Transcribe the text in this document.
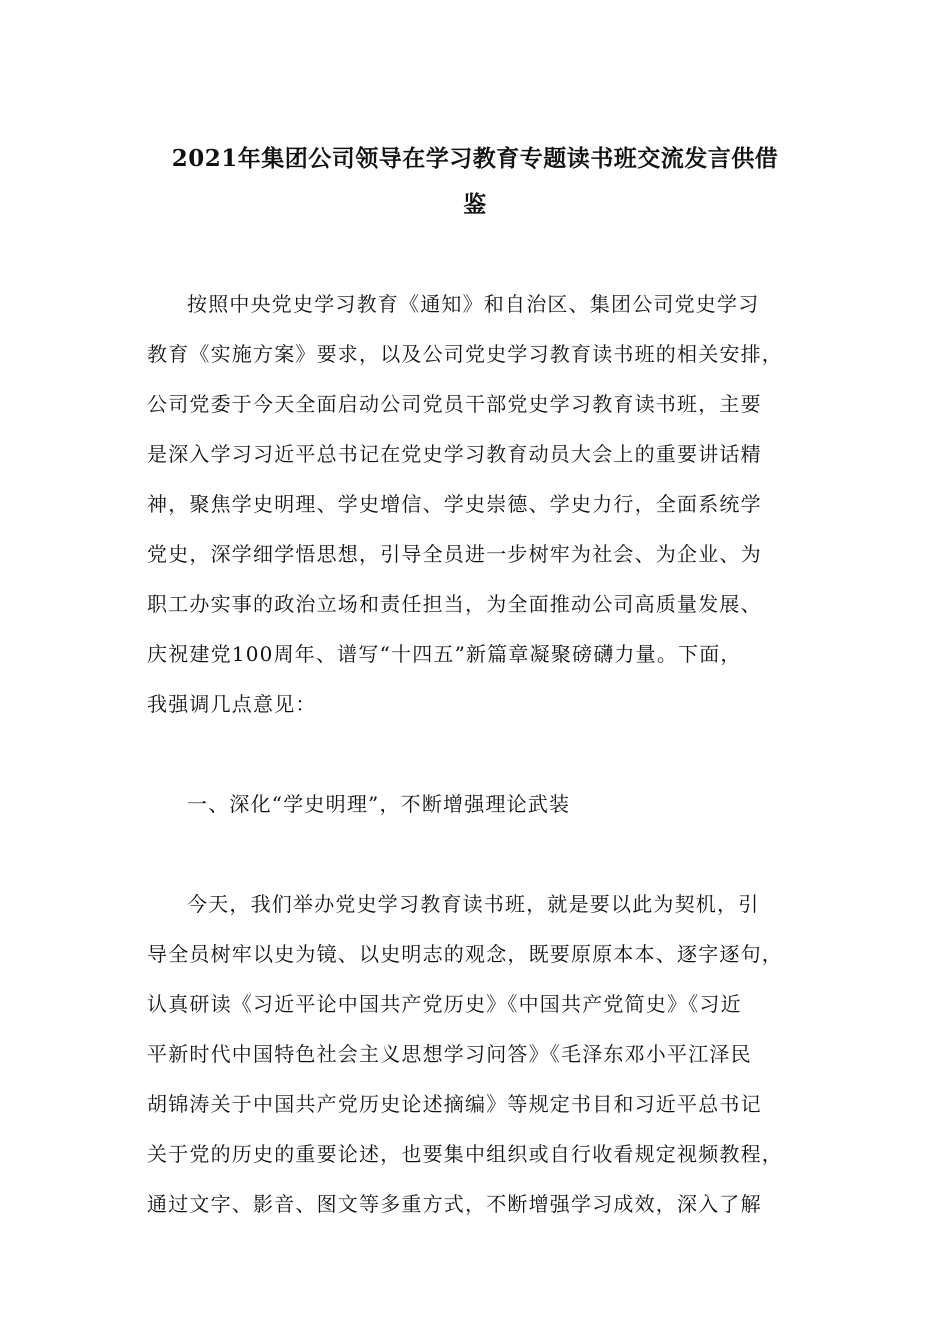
2021年集团公司领导在学习教育专题读书班交流发言供借
鉴
按照中央党史学习教育《通知》和自治区、集团公司党史学习
教育《实施方案》要求，以及公司党史学习教育读书班的相关安排，
公司党委于今天全面启动公司党员干部党史学习教育读书班，主要
是深入学习习近平总书记在党史学习教育动员大会上的重要讲话精
神，聚焦学史明理、学史增信、学史崇德、学史力行，全面系统学
党史，深学细学悟思想，引导全员进一步树牢为社会、为企业、为
职工办实事的政治立场和责任担当，为全面推动公司高质量发展、
庆祝建党100周年、谱写“十四五”新篇章凝聚磅礴力量。下面，
我强调几点意见：
一、深化“学史明理”，不断增强理论武装
今天，我们举办党史学习教育读书班，就是要以此为契机，引
导全员树牢以史为镜、以史明志的观念，既要原原本本、逐字逐句，
认真研读《习近平论中国共产党历史》《中国共产党简史》《习近
平新时代中国特色社会主义思想学习问答》《毛泽东邓小平江泽民
胡锦涛关于中国共产党历史论述摘编》等规定书目和习近平总书记
关于党的历史的重要论述，也要集中组织或自行收看规定视频教程，
通过文字、影音、图文等多重方式，不断增强学习成效，深入了解
